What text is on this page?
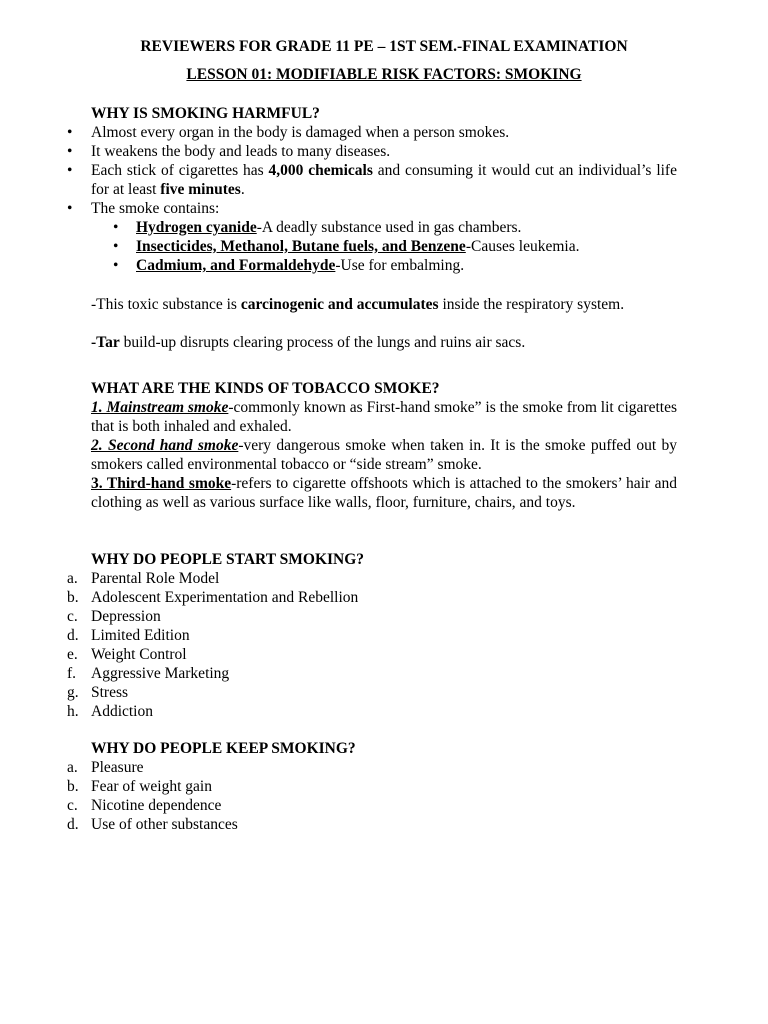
REVIEWERS FOR GRADE 11 PE – 1ST SEM.-FINAL EXAMINATION
LESSON 01: MODIFIABLE RISK FACTORS: SMOKING
WHY IS SMOKING HARMFUL?
• Almost every organ in the body is damaged when a person smokes.
• It weakens the body and leads to many diseases.
• Each stick of cigarettes has 4,000 chemicals and consuming it would cut an individual’s life for at least five minutes.
• The smoke contains:
• Hydrogen cyanide-A deadly substance used in gas chambers.
• Insecticides, Methanol, Butane fuels, and Benzene-Causes leukemia.
• Cadmium, and Formaldehyde-Use for embalming.
-This toxic substance is carcinogenic and accumulates inside the respiratory system.
-Tar build-up disrupts clearing process of the lungs and ruins air sacs.
WHAT ARE THE KINDS OF TOBACCO SMOKE?
1. Mainstream smoke-commonly known as First-hand smoke” is the smoke from lit cigarettes that is both inhaled and exhaled.
2. Second hand smoke-very dangerous smoke when taken in. It is the smoke puffed out by smokers called environmental tobacco or “side stream” smoke.
3. Third-hand smoke-refers to cigarette offshoots which is attached to the smokers’ hair and clothing as well as various surface like walls, floor, furniture, chairs, and toys.
WHY DO PEOPLE START SMOKING?
a. Parental Role Model
b. Adolescent Experimentation and Rebellion
c. Depression
d. Limited Edition
e. Weight Control
f. Aggressive Marketing
g. Stress
h. Addiction
WHY DO PEOPLE KEEP SMOKING?
a. Pleasure
b. Fear of weight gain
c. Nicotine dependence
d. Use of other substances
